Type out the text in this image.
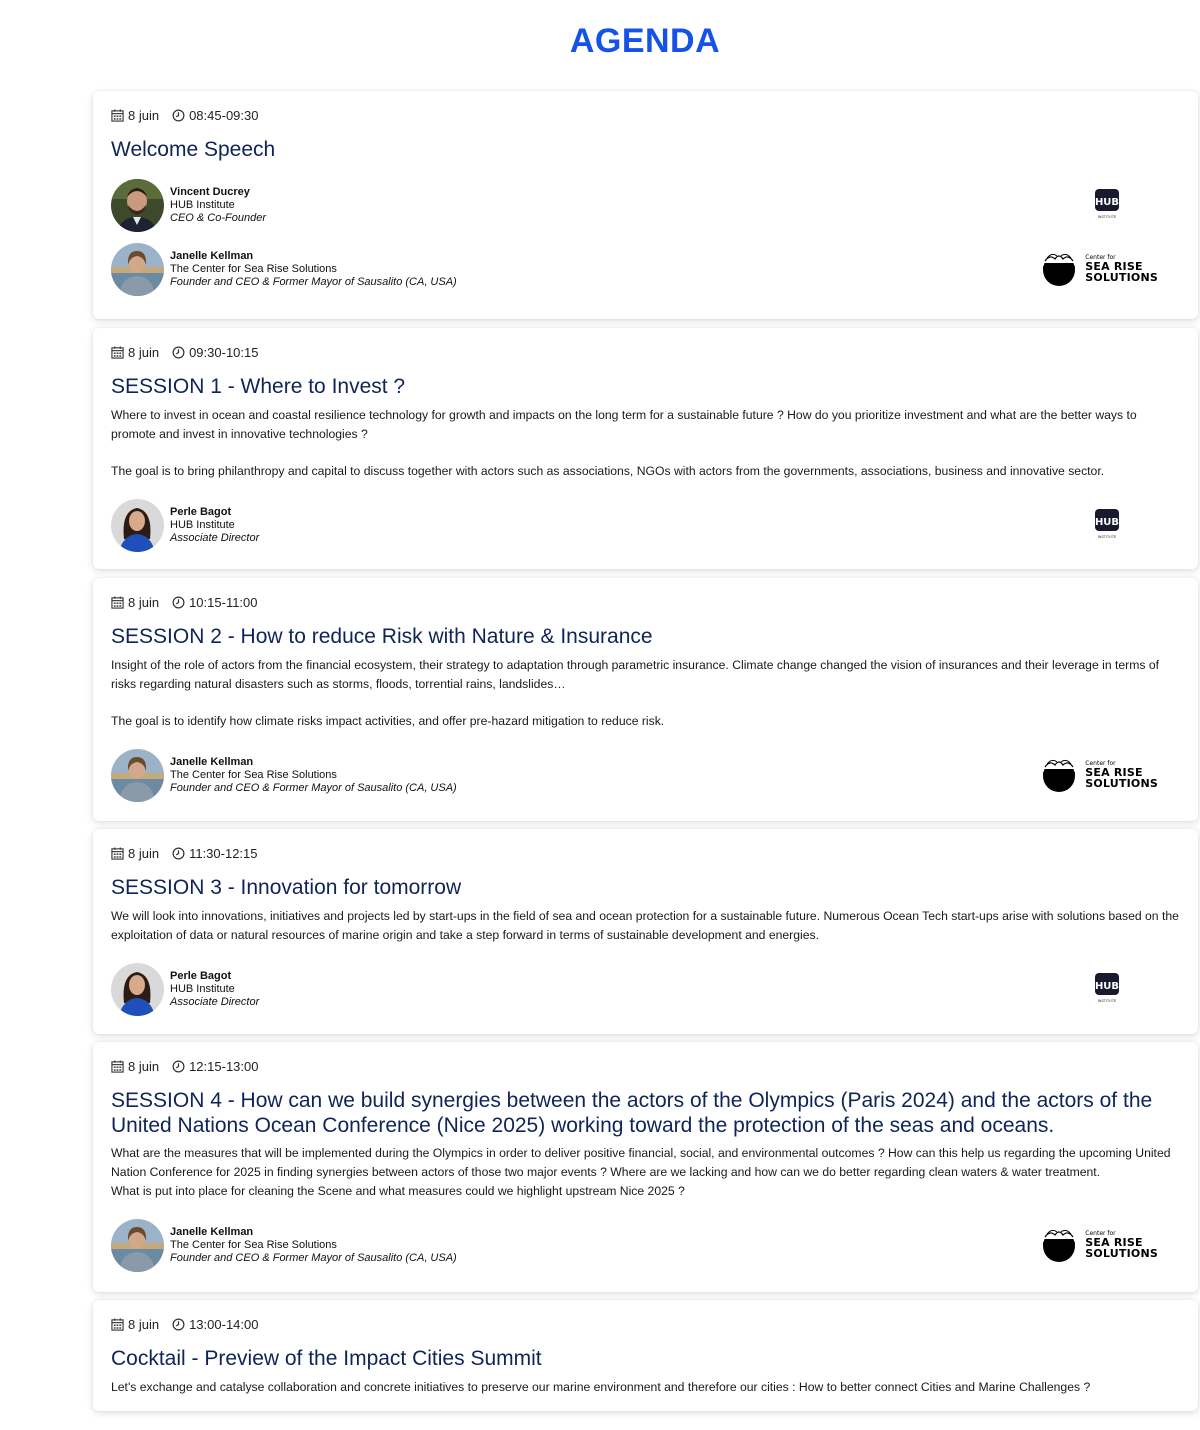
AGENDA
8 juin 08:45-09:30
Welcome Speech
Vincent Ducrey
HUB Institute
CEO & Co-Founder
Janelle Kellman
The Center for Sea Rise Solutions
Founder and CEO & Former Mayor of Sausalito (CA, USA)
Center for
SEA RISE
SOLUTIONS
8 juin 09:30-10:15
SESSION 1 - Where to Invest ?

Where to invest in ocean and coastal resilience technology for growth and impacts on the long term for a sustainable future ? How do you prioritize investment and what are the better ways to promote and invest in innovative technologies ?

The goal is to bring philanthropy and capital to discuss together with actors such as associations, NGOs with actors from the governments, associations, business and innovative sector.

Perle Bagot
HUB Institute
Associate Director
8 juin 10:15-11:00
SESSION 2 - How to reduce Risk with Nature & Insurance

Insight of the role of actors from the financial ecosystem, their strategy to adaptation through parametric insurance. Climate change changed the vision of insurances and their leverage in terms of risks regarding natural disasters such as storms, floods, torrential rains, landslides…

The goal is to identify how climate risks impact activities, and offer pre-hazard mitigation to reduce risk.

Janelle Kellman
The Center for Sea Rise Solutions
Founder and CEO & Former Mayor of Sausalito (CA, USA)
Center for
SEA RISE
SOLUTIONS
8 juin 11:30-12:15
SESSION 3 - Innovation for tomorrow

We will look into innovations, initiatives and projects led by start-ups in the field of sea and ocean protection for a sustainable future. Numerous Ocean Tech start-ups arise with solutions based on the exploitation of data or natural resources of marine origin and take a step forward in terms of sustainable development and energies.

Perle Bagot
HUB Institute
Associate Director
8 juin 12:15-13:00
SESSION 4 - How can we build synergies between the actors of the Olympics (Paris 2024) and the actors of the United Nations Ocean Conference (Nice 2025) working toward the protection of the seas and oceans.

What are the measures that will be implemented during the Olympics in order to deliver positive financial, social, and environmental outcomes ? How can this help us regarding the upcoming United Nation Conference for 2025 in finding synergies between actors of those two major events ? Where are we lacking and how can we do better regarding clean waters & water treatment.

What is put into place for cleaning the Scene and what measures could we highlight upstream Nice 2025 ?

Janelle Kellman
The Center for Sea Rise Solutions
Founder and CEO & Former Mayor of Sausalito (CA, USA)
Center for
SEA RISE
SOLUTIONS
8 juin 13:00-14:00
Cocktail - Preview of the Impact Cities Summit

Let's exchange and catalyse collaboration and concrete initiatives to preserve our marine environment and therefore our cities : How to better connect Cities and Marine Challenges ?
